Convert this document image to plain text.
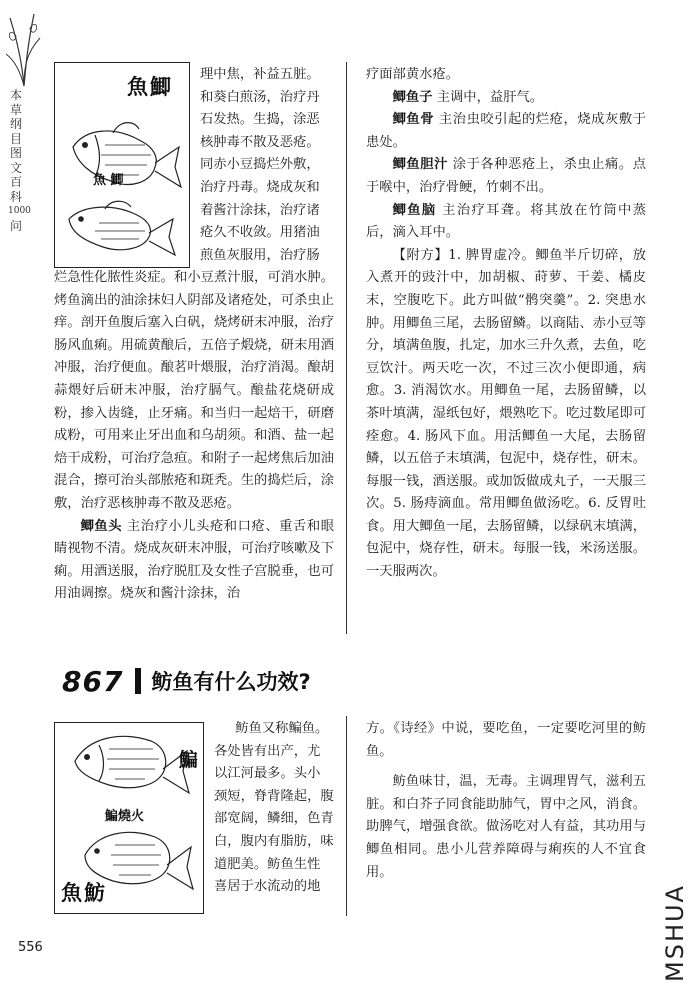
本
草
纲
目
图
文
百
科
1000
问
魚鯽
魚 鯽

理中焦，补益五脏。

和葵白煎汤，治疗丹

石发热。生捣，涂恶

核肿毒不散及恶疮。

同赤小豆捣烂外敷，

治疗丹毒。烧成灰和

着酱汁涂抹，治疗诸

疮久不收敛。用猪油

煎鱼灰服用，治疗肠

烂急性化脓性炎症。和小豆煮汁服，可消水肿。烤鱼滴出的油涂抹妇人阴部及诸疮处，可杀虫止痒。剖开鱼腹后塞入白矾，烧烤研末冲服，治疗肠风血痢。用硫黄酿后，五倍子煅烧，研末用酒冲服，治疗便血。酿茗叶煨服，治疗消渴。酿胡蒜煨好后研末冲服，治疗膈气。酿盐花烧研成粉，掺入齿缝，止牙痛。和当归一起焙干，研磨成粉，可用来止牙出血和乌胡须。和酒、盐一起焙干成粉，可治疗急疸。和附子一起烤焦后加油混合，擦可治头部脓疮和斑秃。生的捣烂后，涂敷，治疗恶核肿毒不散及恶疮。

鲫鱼头 主治疗小儿头疮和口疮、重舌和眼睛视物不清。烧成灰研末冲服，可治疗咳嗽及下痢。用酒送服，治疗脱肛及女性子宫脱垂，也可用油调擦。烧灰和酱汁涂抹，治

疗面部黄水疮。

鲫鱼子 主调中，益肝气。

鲫鱼骨 主治虫咬引起的烂疮，烧成灰敷于患处。

鲫鱼胆汁 涂于各种恶疮上，杀虫止痛。点于喉中，治疗骨鲠，竹刺不出。

鲫鱼脑 主治疗耳聋。将其放在竹筒中蒸后，滴入耳中。

【附方】1. 脾胃虚冷。鲫鱼半斤切碎，放入煮开的豉汁中，加胡椒、莳萝、干姜、橘皮末，空腹吃下。此方叫做“鹘突羹”。2. 突患水肿。用鲫鱼三尾，去肠留鳞。以商陆、赤小豆等分，填满鱼腹，扎定，加水三升久煮，去鱼，吃豆饮汁。两天吃一次，不过三次小便即通，病愈。3. 消渴饮水。用鲫鱼一尾，去肠留鳞，以茶叶填满，湿纸包好，煨熟吃下。吃过数尾即可痊愈。4. 肠风下血。用活鲫鱼一大尾，去肠留鳞，以五倍子末填满，包泥中，烧存性，研末。每服一钱，酒送服。或加饭做成丸子，一天服三次。5. 肠痔滴血。常用鲫鱼做汤吃。6. 反胃吐食。用大鲫鱼一尾，去肠留鳞，以绿矾末填满，包泥中，烧存性，研末。每服一钱，米汤送服。一天服两次。

867 鲂鱼有什么功效?
鯿
鯿燒火
魚魴

鲂鱼又称鳊鱼。

各处皆有出产，尤

以江河最多。头小

颈短，脊背隆起，腹

部宽阔，鳞细，色青

白，腹内有脂肪，味

道肥美。鲂鱼生性

喜居于水流动的地

方。《诗经》中说，要吃鱼，一定要吃河里的鲂鱼。

鲂鱼味甘，温，无毒。主调理胃气，滋利五脏。和白芥子同食能助肺气，胃中之风，消食。助脾气，增强食欲。做汤吃对人有益，其功用与鲫鱼相同。患小儿营养障碍与痢疾的人不宜食用。

556	MSHUA
